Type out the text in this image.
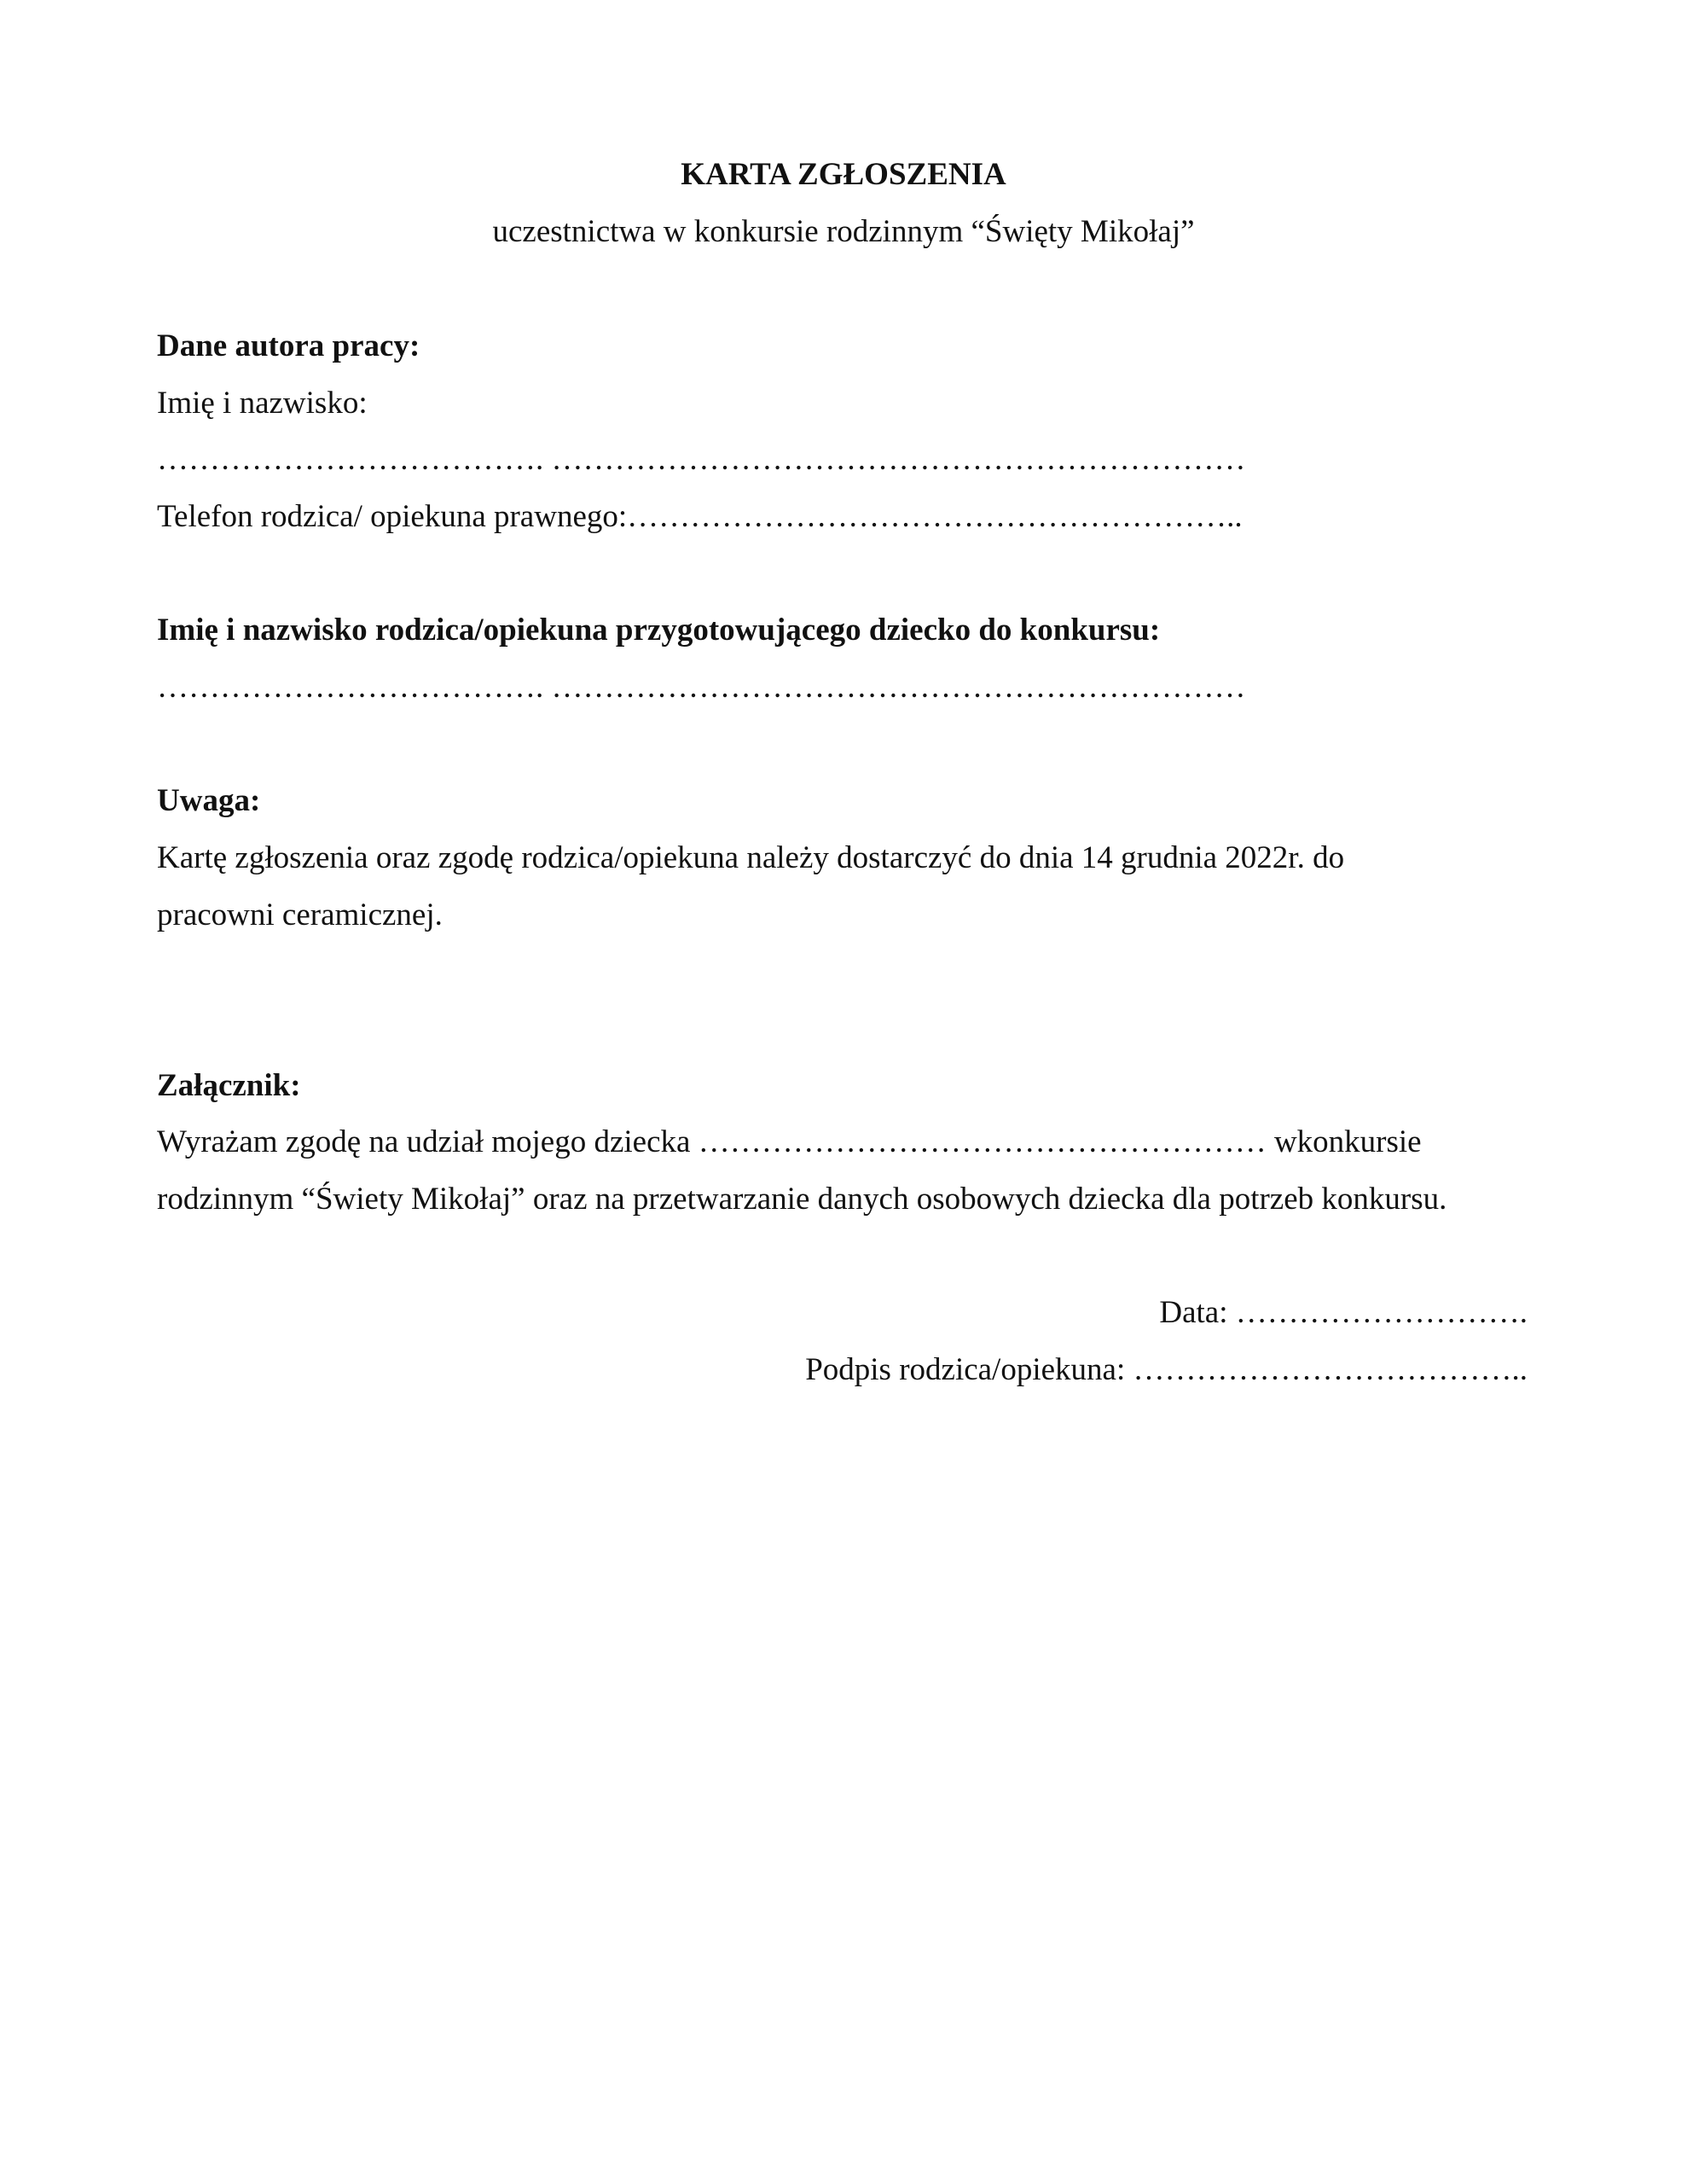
KARTA ZGŁOSZENIA
uczestnictwa w konkursie rodzinnym “Święty Mikołaj”
Dane autora pracy:
Imię i nazwisko:
………………………………. …………………………………………………………
Telefon rodzica/ opiekuna prawnego:…………………………………………………..
Imię i nazwisko rodzica/opiekuna przygotowującego dziecko do konkursu:
………………………………. …………………………………………………………
Uwaga:
Kartę zgłoszenia oraz zgodę rodzica/opiekuna należy dostarczyć do dnia 14 grudnia 2022r. do
pracowni ceramicznej.
Załącznik:
Wyrażam zgodę na udział mojego dziecka ……………………………………………… wkonkursie
rodzinnym “Świety Mikołaj” oraz na przetwarzanie danych osobowych dziecka dla potrzeb konkursu.
Data: ……………………….
Podpis rodzica/opiekuna: ………………………………..
